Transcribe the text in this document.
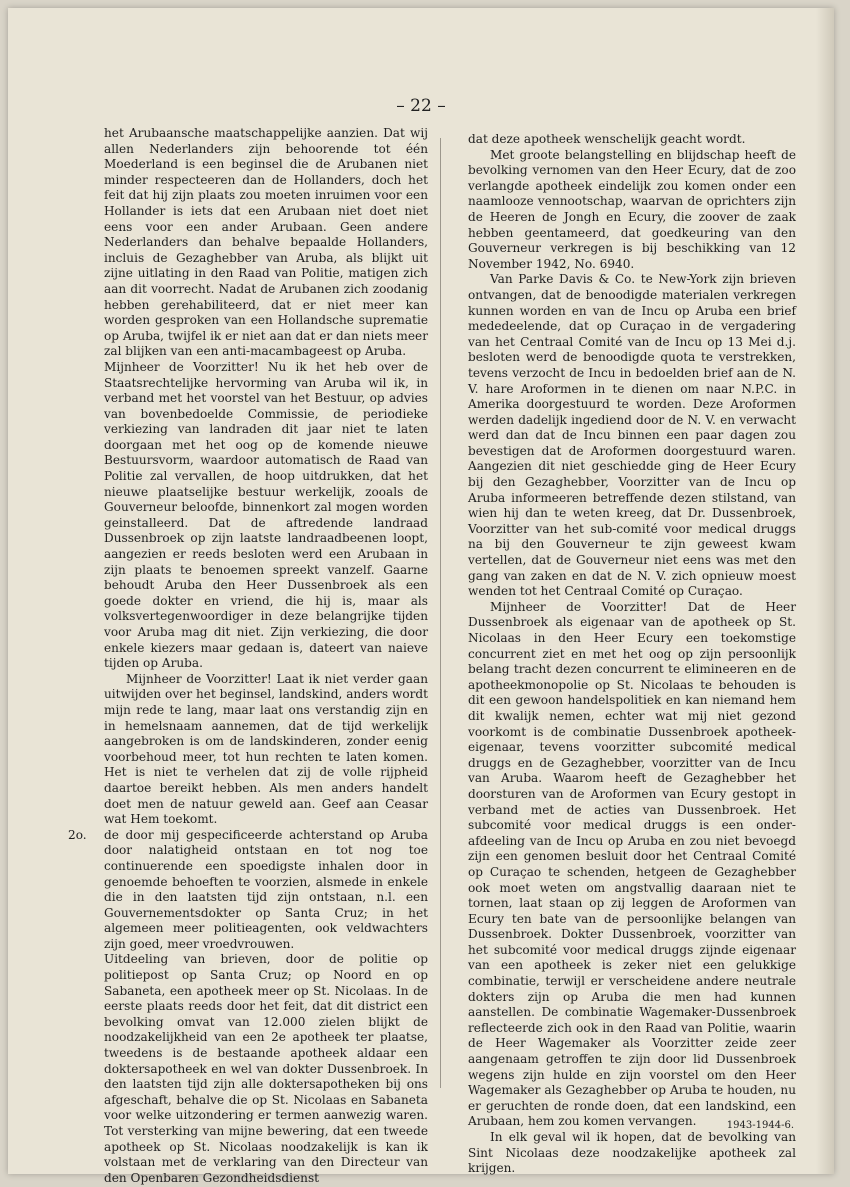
– 22 –

het Arubaansche maatschappelijke aanzien. Dat wij allen Nederlanders zijn behoorende tot één Moederland is een beginsel die de Arubanen niet minder respecteeren dan de Hollanders, doch het feit dat hij zijn plaats zou moeten inruimen voor een Hollander is iets dat een Arubaan niet doet niet eens voor een ander Arubaan. Geen andere Nederlanders dan behalve bepaalde Hollanders, incluis de Gezaghebber van Aruba, als blijkt uit zijne uitlating in den Raad van Politie, matigen zich aan dit voorrecht. Nadat de Arubanen zich zoodanig hebben gerehabiliteerd, dat er niet meer kan worden gesproken van een Hollandsche suprematie op Aruba, twijfel ik er niet aan dat er dan niets meer zal blijken van een anti-macambageest op Aruba.

Mijnheer de Voorzitter! Nu ik het heb over de Staatsrechtelijke hervorming van Aruba wil ik, in verband met het voorstel van het Bestuur, op advies van bovenbedoelde Commissie, de periodieke verkiezing van landraden dit jaar niet te laten doorgaan met het oog op de komende nieuwe Bestuursvorm, waardoor automatisch de Raad van Politie zal vervallen, de hoop uitdrukken, dat het nieuwe plaatselijke bestuur werkelijk, zooals de Gouverneur beloofde, binnenkort zal mogen worden geinstalleerd. Dat de aftredende landraad Dussenbroek op zijn laatste landraadbeenen loopt, aangezien er reeds besloten werd een Arubaan in zijn plaats te benoemen spreekt vanzelf. Gaarne behoudt Aruba den Heer Dussenbroek als een goede dokter en vriend, die hij is, maar als volksvertegenwoordiger in deze belangrijke tijden voor Aruba mag dit niet. Zijn verkiezing, die door enkele kiezers maar gedaan is, dateert van naieve tijden op Aruba.

Mijnheer de Voorzitter! Laat ik niet verder gaan uitwijden over het beginsel, landskind, anders wordt mijn rede te lang, maar laat ons verstandig zijn en in hemelsnaam aannemen, dat de tijd werkelijk aangebroken is om de landskinderen, zonder eenig voorbehoud meer, tot hun rechten te laten komen. Het is niet te verhelen dat zij de volle rijpheid daartoe bereikt hebben. Als men anders handelt doet men de natuur geweld aan. Geef aan Ceasar wat Hem toekomt.

2o. de door mij gespecificeerde achterstand op Aruba door nalatigheid ontstaan en tot nog toe continuerende een spoedigste inhalen door in genoemde behoeften te voorzien, alsmede in enkele die in den laatsten tijd zijn ontstaan, n.l. een Gouvernementsdokter op Santa Cruz; in het algemeen meer politieagenten, ook veldwachters zijn goed, meer vroedvrouwen.

Uitdeeling van brieven, door de politie op politiepost op Santa Cruz; op Noord en op Sabaneta, een apotheek meer op St. Nicolaas. In de eerste plaats reeds door het feit, dat dit district een bevolking omvat van 12.000 zielen blijkt de noodzakelijkheid van een 2e apotheek ter plaatse, tweedens is de bestaande apotheek aldaar een doktersapotheek en wel van dokter Dussenbroek. In den laatsten tijd zijn alle doktersapotheken bij ons afgeschaft, behalve die op St. Nicolaas en Sabaneta voor welke uitzondering er termen aanwezig waren. Tot versterking van mijne bewering, dat een tweede apotheek op St. Nicolaas noodzakelijk is kan ik volstaan met de verklaring van den Directeur van den Openbaren Gezondheidsdienst

dat deze apotheek wenschelijk geacht wordt.

Met groote belangstelling en blijdschap heeft de bevolking vernomen van den Heer Ecury, dat de zoo verlangde apotheek eindelijk zou komen onder een naamlooze vennootschap, waarvan de oprichters zijn de Heeren de Jongh en Ecury, die zoover de zaak hebben geentameerd, dat goedkeuring van den Gouverneur verkregen is bij beschikking van 12 November 1942, No. 6940.

Van Parke Davis & Co. te New-York zijn brieven ontvangen, dat de benoodigde materialen verkregen kunnen worden en van de Incu op Aruba een brief mededeelende, dat op Curaçao in de vergadering van het Centraal Comité van de Incu op 13 Mei d.j. besloten werd de benoodigde quota te verstrekken, tevens verzocht de Incu in bedoelden brief aan de N. V. hare Aroformen in te dienen om naar N.P.C. in Amerika doorgestuurd te worden. Deze Aroformen werden dadelijk ingediend door de N. V. en verwacht werd dan dat de Incu binnen een paar dagen zou bevestigen dat de Aroformen doorgestuurd waren. Aangezien dit niet geschiedde ging de Heer Ecury bij den Gezaghebber, Voorzitter van de Incu op Aruba informeeren betreffende dezen stilstand, van wien hij dan te weten kreeg, dat Dr. Dussenbroek, Voorzitter van het sub-comité voor medical druggs na bij den Gouverneur te zijn geweest kwam vertellen, dat de Gouverneur niet eens was met den gang van zaken en dat de N. V. zich opnieuw moest wenden tot het Centraal Comité op Curaçao.

Mijnheer de Voorzitter! Dat de Heer Dussenbroek als eigenaar van de apotheek op St. Nicolaas in den Heer Ecury een toekomstige concurrent ziet en met het oog op zijn persoonlijk belang tracht dezen concurrent te elimineeren en de apotheekmonopolie op St. Nicolaas te behouden is dit een gewoon handelspolitiek en kan niemand hem dit kwalijk nemen, echter wat mij niet gezond voorkomt is de combinatie Dussenbroek apotheek-eigenaar, tevens voorzitter subcomité medical druggs en de Gezaghebber, voorzitter van de Incu van Aruba. Waarom heeft de Gezaghebber het doorsturen van de Aroformen van Ecury gestopt in verband met de acties van Dussenbroek. Het subcomité voor medical druggs is een onder-afdeeling van de Incu op Aruba en zou niet bevoegd zijn een genomen besluit door het Centraal Comité op Curaçao te schenden, hetgeen de Gezaghebber ook moet weten om angstvallig daaraan niet te tornen, laat staan op zij leggen de Aroformen van Ecury ten bate van de persoonlijke belangen van Dussenbroek. Dokter Dussenbroek, voorzitter van het subcomité voor medical druggs zijnde eigenaar van een apotheek is zeker niet een gelukkige combinatie, terwijl er verscheidene andere neutrale dokters zijn op Aruba die men had kunnen aanstellen. De combinatie Wagemaker-Dussenbroek reflecteerde zich ook in den Raad van Politie, waarin de Heer Wagemaker als Voorzitter zeide zeer aangenaam getroffen te zijn door lid Dussenbroek wegens zijn hulde en zijn voorstel om den Heer Wagemaker als Gezaghebber op Aruba te houden, nu er geruchten de ronde doen, dat een landskind, een Arubaan, hem zou komen vervangen.

In elk geval wil ik hopen, dat de bevolking van Sint Nicolaas deze noodzakelijke apotheek zal krijgen.

1943-1944-6.
